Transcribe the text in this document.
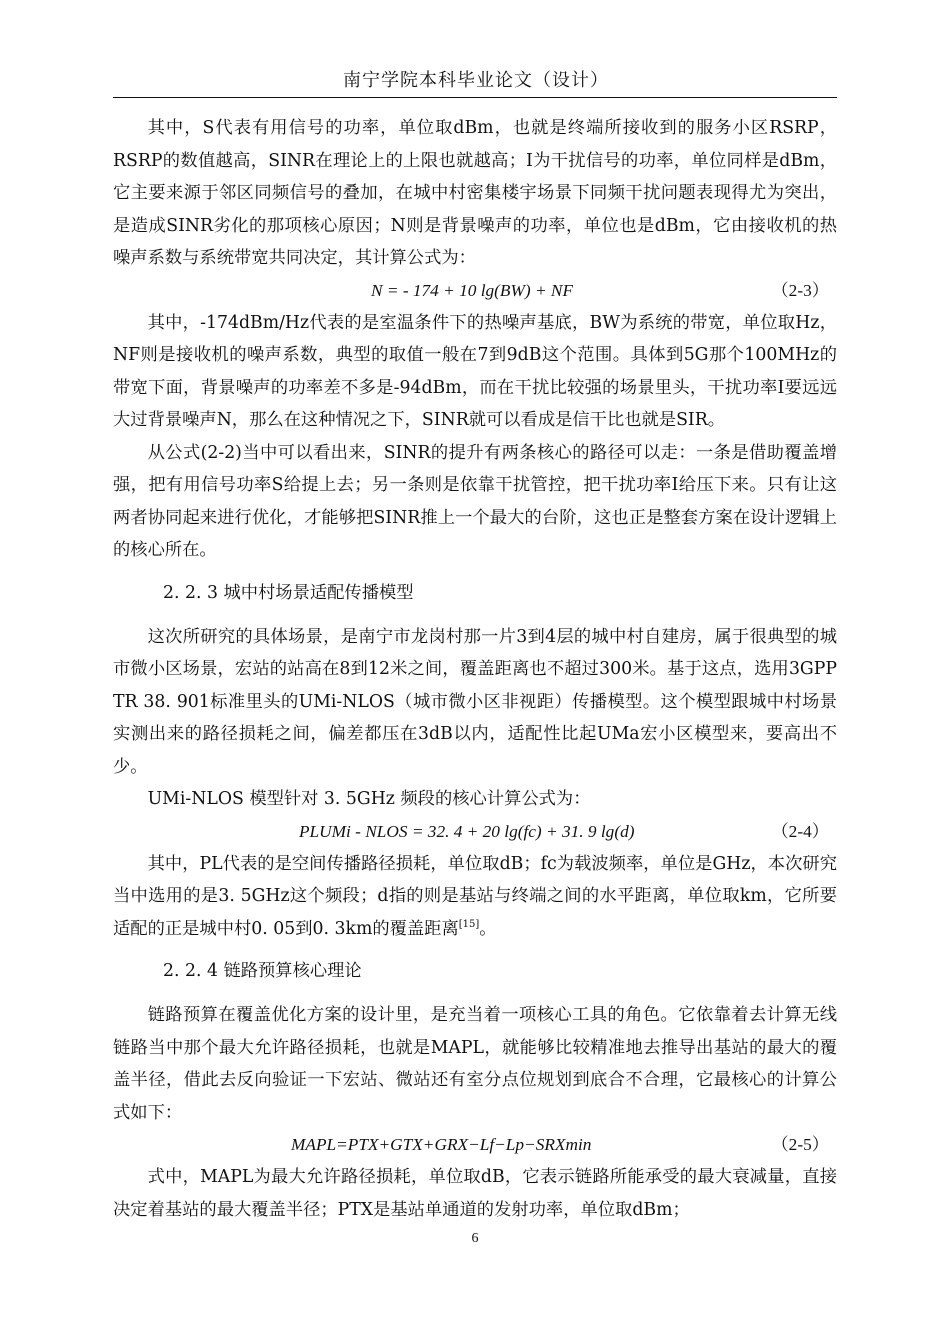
南宁学院本科毕业论文（设计）

其中，S代表有用信号的功率，单位取dBm，也就是终端所接收到的服务小区RSRP，RSRP的数值越高，SINR在理论上的上限也就越高；I为干扰信号的功率，单位同样是dBm，它主要来源于邻区同频信号的叠加，在城中村密集楼宇场景下同频干扰问题表现得尤为突出，是造成SINR劣化的那项核心原因；N则是背景噪声的功率，单位也是dBm，它由接收机的热噪声系数与系统带宽共同决定，其计算公式为：

N = - 174 + 10 lg(BW) + NF	（2-3）

其中，-174dBm/Hz代表的是室温条件下的热噪声基底，BW为系统的带宽，单位取Hz，NF则是接收机的噪声系数，典型的取值一般在7到9dB这个范围。具体到5G那个100MHz的带宽下面，背景噪声的功率差不多是-94dBm，而在干扰比较强的场景里头，干扰功率I要远远大过背景噪声N，那么在这种情况之下，SINR就可以看成是信干比也就是SIR。

从公式(2-2)当中可以看出来，SINR的提升有两条核心的路径可以走：一条是借助覆盖增强，把有用信号功率S给提上去；另一条则是依靠干扰管控，把干扰功率I给压下来。只有让这两者协同起来进行优化，才能够把SINR推上一个最大的台阶，这也正是整套方案在设计逻辑上的核心所在。

2. 2. 3 城中村场景适配传播模型

这次所研究的具体场景，是南宁市龙岗村那一片3到4层的城中村自建房，属于很典型的城市微小区场景，宏站的站高在8到12米之间，覆盖距离也不超过300米。基于这点，选用3GPP TR 38. 901标准里头的UMi-NLOS（城市微小区非视距）传播模型。这个模型跟城中村场景实测出来的路径损耗之间，偏差都压在3dB以内，适配性比起UMa宏小区模型来，要高出不少。

UMi-NLOS 模型针对 3. 5GHz 频段的核心计算公式为：

PLUMi - NLOS = 32. 4 + 20 lg(fc) + 31. 9 lg(d)	（2-4）

其中，PL代表的是空间传播路径损耗，单位取dB；fc为载波频率，单位是GHz，本次研究当中选用的是3. 5GHz这个频段；d指的则是基站与终端之间的水平距离，单位取km，它所要适配的正是城中村0. 05到0. 3km的覆盖距离[15]。

2. 2. 4 链路预算核心理论

链路预算在覆盖优化方案的设计里，是充当着一项核心工具的角色。它依靠着去计算无线链路当中那个最大允许路径损耗，也就是MAPL，就能够比较精准地去推导出基站的最大的覆盖半径，借此去反向验证一下宏站、微站还有室分点位规划到底合不合理，它最核心的计算公式如下：

MAPL=PTX+GTX+GRX−Lf−Lp−SRXmin	（2-5）

式中，MAPL为最大允许路径损耗，单位取dB，它表示链路所能承受的最大衰减量，直接决定着基站的最大覆盖半径；PTX是基站单通道的发射功率，单位取dBm；

6
